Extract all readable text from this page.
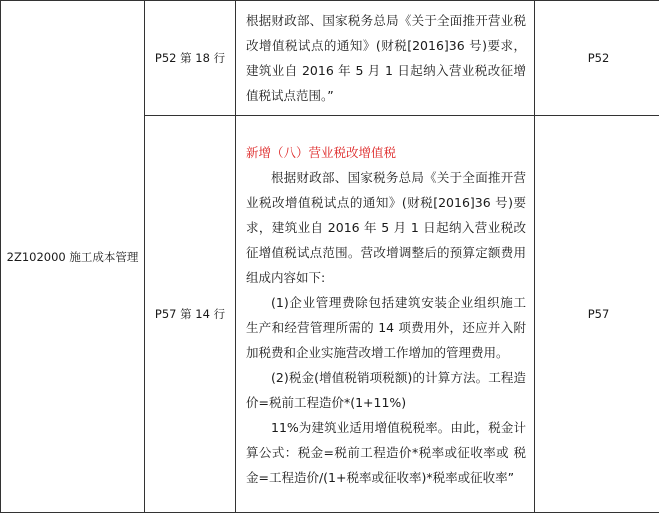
2Z102000 施工成本管理	P52 第 18 行	根据财政部、国家税务总局《关于全面推开营业税改增值税试点的通知》(财税[2016]36 号)要求，建筑业自 2016 年 5 月 1 日起纳入营业税改征增值税试点范围。”	P52
	P57 第 14 行	新增（八）营业税改增值税
根据财政部、国家税务总局《关于全面推开营业税改增值税试点的通知》(财税[2016]36 号)要求，建筑业自 2016 年 5 月 1 日起纳入营业税改征增值税试点范围。营改增调整后的预算定额费用组成内容如下:
(1)企业管理费除包括建筑安装企业组织施工生产和经营管理所需的 14 项费用外，还应并入附加税费和企业实施营改增工作增加的管理费用。
(2)税金(增值税销项税额)的计算方法。工程造价=税前工程造价*(1+11%)
11%为建筑业适用增值税税率。由此，税金计算公式：税金=税前工程造价*税率或征收率或 税金=工程造价/(1+税率或征收率)*税率或征收率”	P57
